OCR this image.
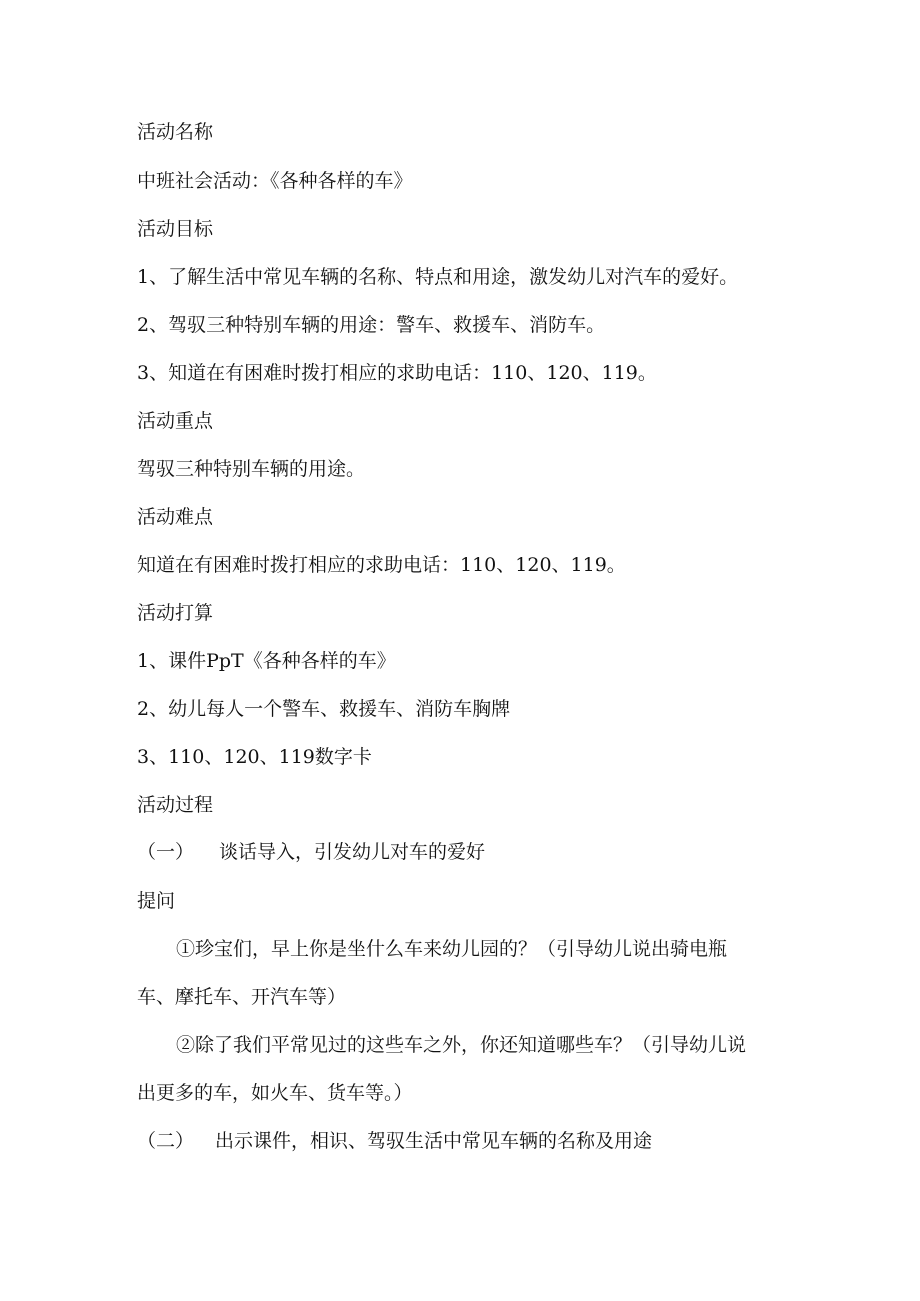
活动名称
中班社会活动：《各种各样的车》
活动目标
1、了解生活中常见车辆的名称、特点和用途，激发幼儿对汽车的爱好。
2、驾驭三种特别车辆的用途：警车、救援车、消防车。
3、知道在有困难时拨打相应的求助电话：110、120、119。
活动重点
驾驭三种特别车辆的用途。
活动难点
知道在有困难时拨打相应的求助电话：110、120、119。
活动打算
1、课件PpT《各种各样的车》
2、幼儿每人一个警车、救援车、消防车胸牌
3、110、120、119数字卡
活动过程
（一） 谈话导入，引发幼儿对车的爱好
提问
①珍宝们，早上你是坐什么车来幼儿园的？（引导幼儿说出骑电瓶
车、摩托车、开汽车等）
②除了我们平常见过的这些车之外，你还知道哪些车？（引导幼儿说
出更多的车，如火车、货车等。）
（二） 出示课件，相识、驾驭生活中常见车辆的名称及用途
